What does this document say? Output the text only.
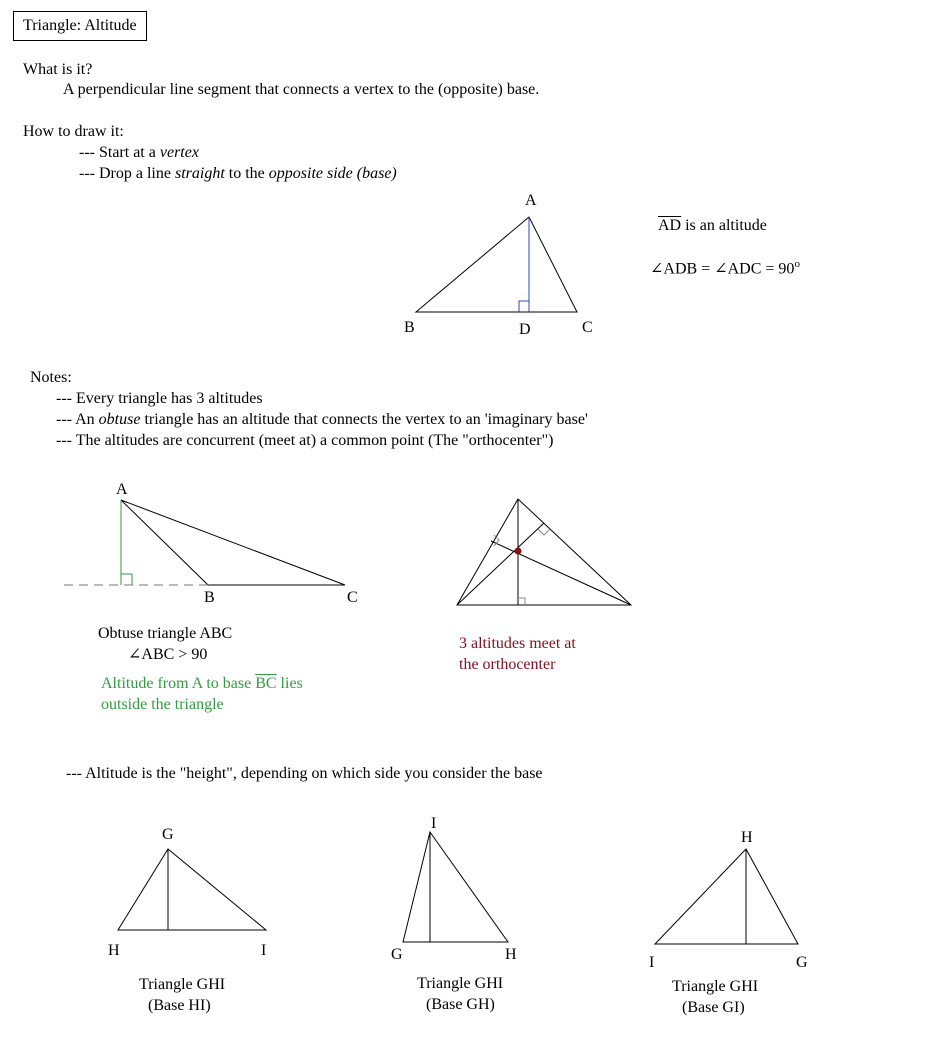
Triangle: Altitude
What is it?
A perpendicular line segment that connects a vertex to the (opposite) base.
How to draw it:
--- Start at a vertex
--- Drop a line straight to the opposite side (base)
$\overline{AD}$ is an altitude
∠ADB = ∠ADC = $90^o$
Notes:
--- Every triangle has 3 altitudes
--- An obtuse triangle has an altitude that connects the vertex to an 'imaginary base'
--- The altitudes are concurrent (meet at) a common point (The "orthocenter")
Obtuse triangle ABC
∠ABC > 90
Altitude from A to base $\overline{BC}$ lies
outside the triangle
3 altitudes meet at
the orthocenter
--- Altitude is the "height", depending on which side you consider the base
Triangle GHI
(Base HI)
Triangle GHI
(Base GH)
Triangle GHI
(Base GI)
A
B	D	C
A
B	C
G
H	I
I
G	H
H
I	G
